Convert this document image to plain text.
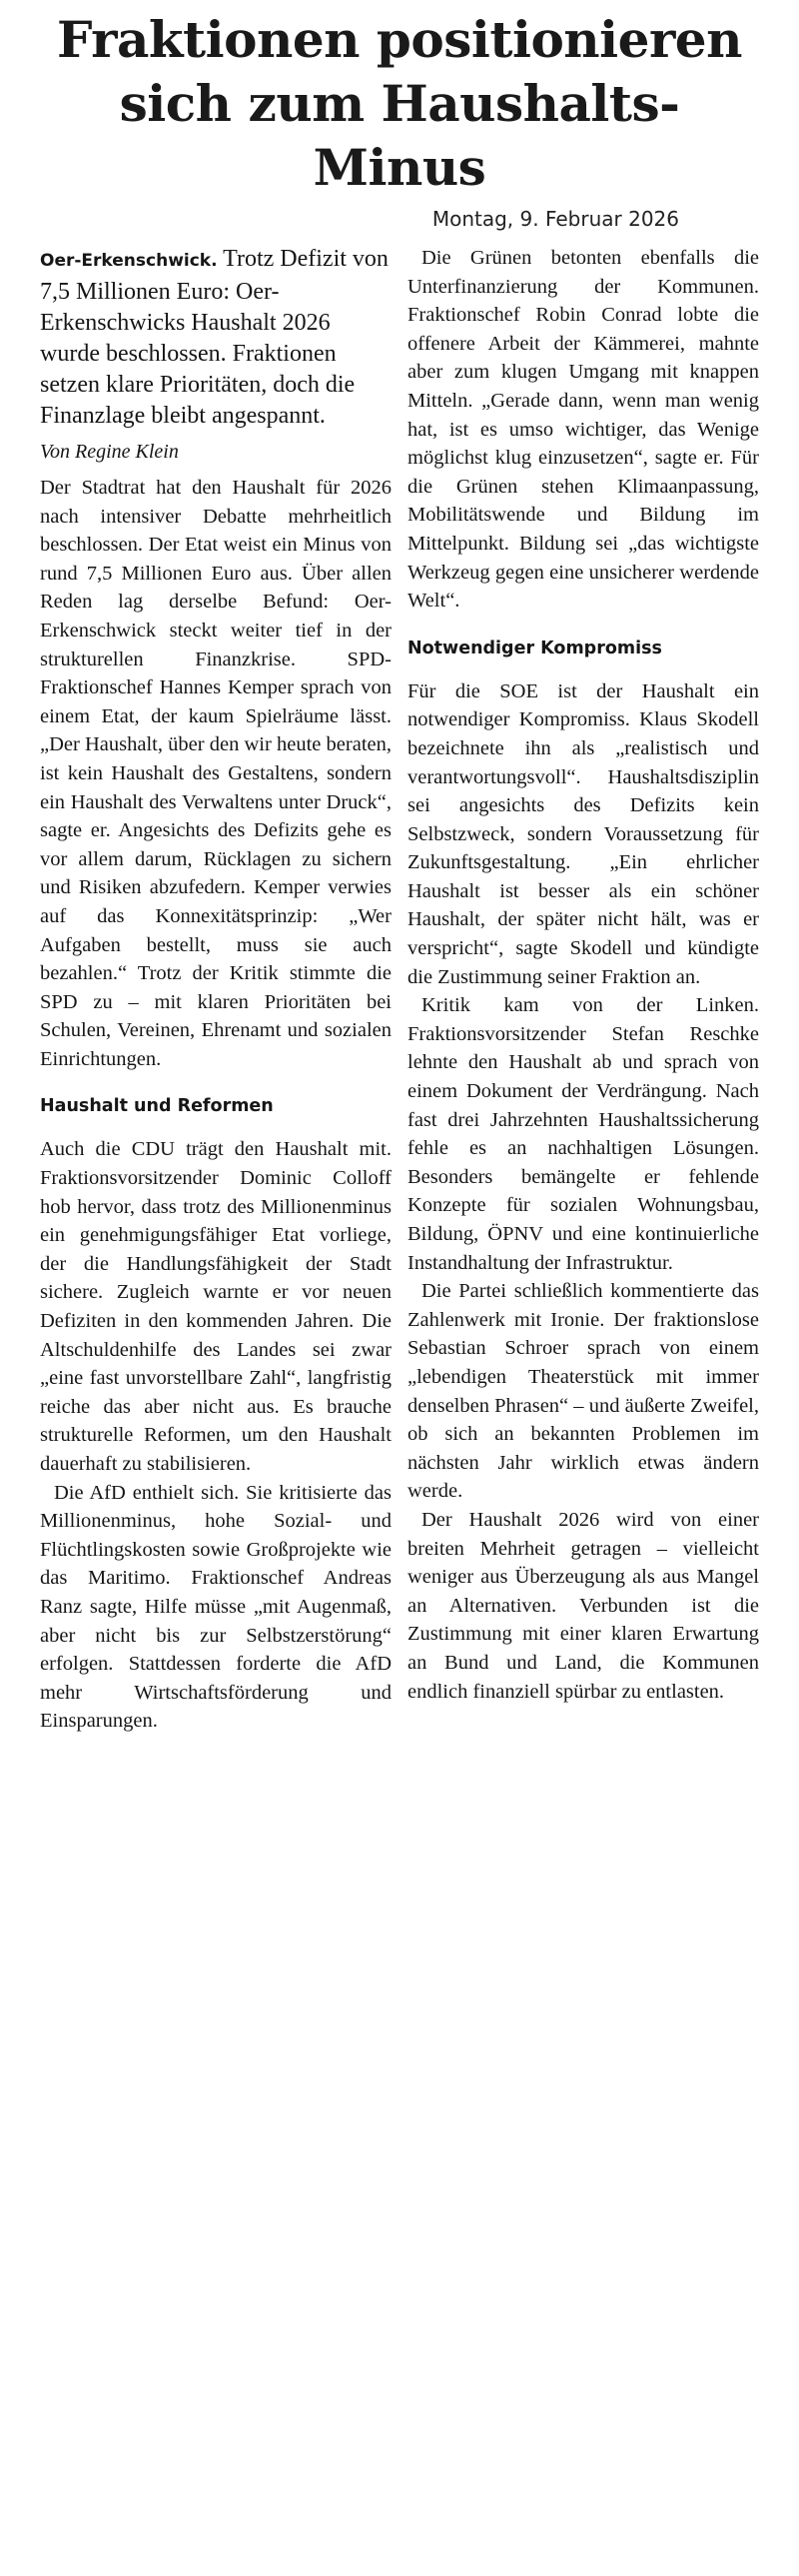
Fraktionen positionieren sich zum Haushalts-Minus
Montag, 9. Februar 2026
Oer-Erkenschwick. Trotz Defizit von 7,5 Millionen Euro: Oer-Erkenschwicks Haushalt 2026 wurde beschlossen. Fraktionen setzen klare Prioritäten, doch die Finanzlage bleibt angespannt.
Von Regine Klein

Der Stadtrat hat den Haushalt für 2026 nach intensiver Debatte mehrheitlich beschlossen. Der Etat weist ein Minus von rund 7,5 Millionen Euro aus. Über allen Reden lag derselbe Befund: Oer-Erkenschwick steckt weiter tief in der strukturellen Finanzkrise. SPD-Fraktionschef Hannes Kemper sprach von einem Etat, der kaum Spielräume lässt. „Der Haushalt, über den wir heute beraten, ist kein Haushalt des Gestaltens, sondern ein Haushalt des Verwaltens unter Druck“, sagte er. Angesichts des Defizits gehe es vor allem darum, Rücklagen zu sichern und Risiken abzufedern. Kemper verwies auf das Konnexitätsprinzip: „Wer Aufgaben bestellt, muss sie auch bezahlen.“ Trotz der Kritik stimmte die SPD zu – mit klaren Prioritäten bei Schulen, Vereinen, Ehrenamt und sozialen Einrichtungen.

Haushalt und Reformen

Auch die CDU trägt den Haushalt mit. Fraktionsvorsitzender Dominic Colloff hob hervor, dass trotz des Millionenminus ein genehmigungsfähiger Etat vorliege, der die Handlungsfähigkeit der Stadt sichere. Zugleich warnte er vor neuen Defiziten in den kommenden Jahren. Die Altschuldenhilfe des Landes sei zwar „eine fast unvorstellbare Zahl“, langfristig reiche das aber nicht aus. Es brauche strukturelle Reformen, um den Haushalt dauerhaft zu stabilisieren.

Die AfD enthielt sich. Sie kritisierte das Millionenminus, hohe Sozial- und Flüchtlingskosten sowie Großprojekte wie das Maritimo. Fraktionschef Andreas Ranz sagte, Hilfe müsse „mit Augenmaß, aber nicht bis zur Selbstzerstörung“ erfolgen. Stattdessen forderte die AfD mehr Wirtschaftsförderung und Einsparungen.

Die Grünen betonten ebenfalls die Unterfinanzierung der Kommunen. Fraktionschef Robin Conrad lobte die offenere Arbeit der Kämmerei, mahnte aber zum klugen Umgang mit knappen Mitteln. „Gerade dann, wenn man wenig hat, ist es umso wichtiger, das Wenige möglichst klug einzusetzen“, sagte er. Für die Grünen stehen Klimaanpassung, Mobilitätswende und Bildung im Mittelpunkt. Bildung sei „das wichtigste Werkzeug gegen eine unsicherer werdende Welt“.

Notwendiger Kompromiss

Für die SOE ist der Haushalt ein notwendiger Kompromiss. Klaus Skodell bezeichnete ihn als „realistisch und verantwortungsvoll“. Haushaltsdisziplin sei angesichts des Defizits kein Selbstzweck, sondern Voraussetzung für Zukunftsgestaltung. „Ein ehrlicher Haushalt ist besser als ein schöner Haushalt, der später nicht hält, was er verspricht“, sagte Skodell und kündigte die Zustimmung seiner Fraktion an.

Kritik kam von der Linken. Fraktionsvorsitzender Stefan Reschke lehnte den Haushalt ab und sprach von einem Dokument der Verdrängung. Nach fast drei Jahrzehnten Haushaltssicherung fehle es an nachhaltigen Lösungen. Besonders bemängelte er fehlende Konzepte für sozialen Wohnungsbau, Bildung, ÖPNV und eine kontinuierliche Instandhaltung der Infrastruktur.

Die Partei schließlich kommentierte das Zahlenwerk mit Ironie. Der fraktionslose Sebastian Schroer sprach von einem „lebendigen Theaterstück mit immer denselben Phrasen“ – und äußerte Zweifel, ob sich an bekannten Problemen im nächsten Jahr wirklich etwas ändern werde.

Der Haushalt 2026 wird von einer breiten Mehrheit getragen – vielleicht weniger aus Überzeugung als aus Mangel an Alternativen. Verbunden ist die Zustimmung mit einer klaren Erwartung an Bund und Land, die Kommunen endlich finanziell spürbar zu entlasten.
